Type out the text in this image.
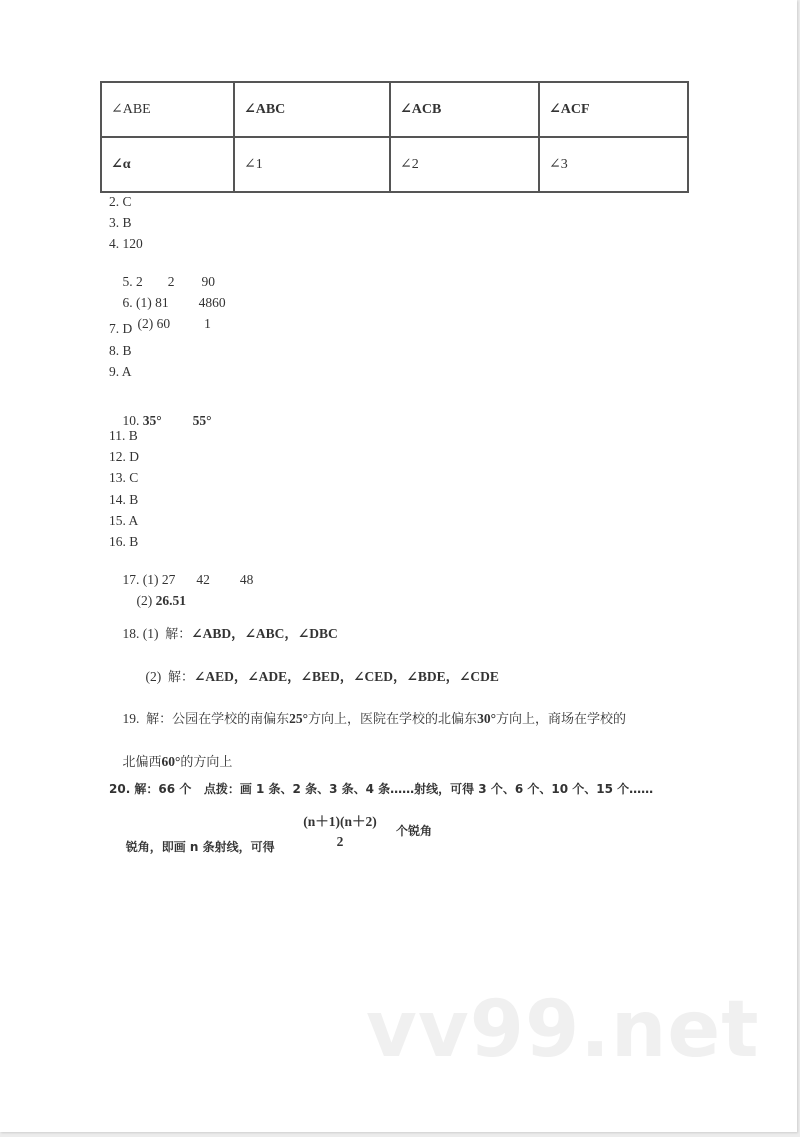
∠ABE	∠ABC	∠ACB	∠ACF
∠α	∠1	∠2	∠3
2. C
3. B
4. 120

5. 2 2 90

6. (1) 81 4860

(2) 60	1

7. D
8. B
9. A

10. 35° 55°

11. B
12. D
13. C
14. B
15. A
16. B

17. (1) 27 42 48

(2) 26.51

18. (1) 解：∠ABD，∠ABC，∠DBC

(2) 解：∠AED，∠ADE，∠BED，∠CED，∠BDE，∠CDE

19. 解：公园在学校的南偏东25°方向上，医院在学校的北偏东30°方向上，商场在学校的

北偏西60°的方向上

20. 解：66 个   点拨：画 1 条、2 条、3 条、4 条……射线，可得 3 个、6 个、10 个、15 个……

锐角，即画 n 条射线，可得

(n＋1)(n＋2)
2
个锐角
vv99.net
